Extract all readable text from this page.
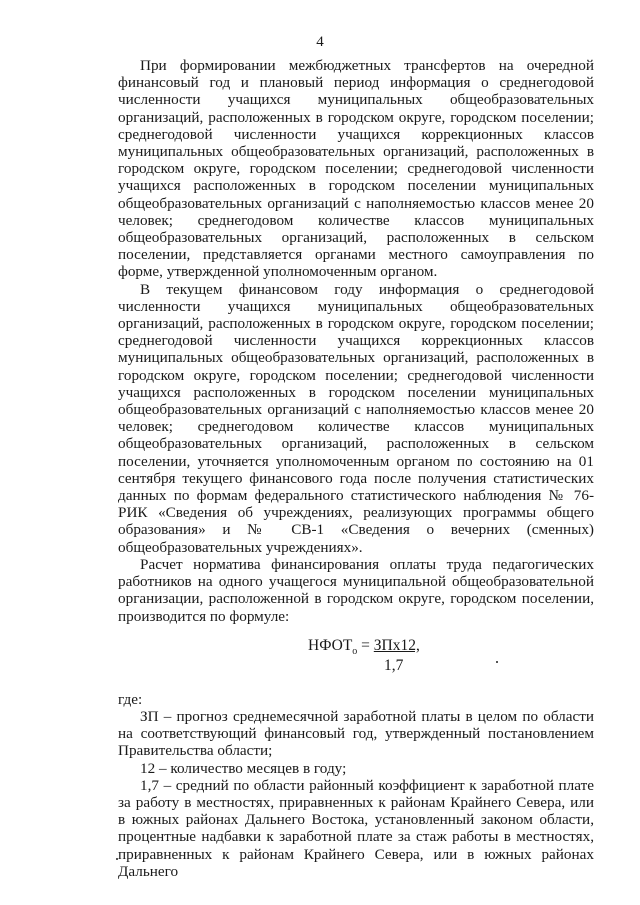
4

При формировании межбюджетных трансфертов на очередной финансовый год и плановый период информация о среднегодовой численности учащихся муниципальных общеобразовательных организаций, расположенных в городском округе, городском поселении; среднегодовой численности учащихся коррекционных классов муниципальных общеобразовательных организаций, расположенных в городском округе, городском поселении; среднегодовой численности учащихся расположенных в городском поселении муниципальных общеобразовательных организаций с наполняемостью классов менее 20 человек; среднегодовом количестве классов муниципальных общеобразовательных организаций, расположенных в сельском поселении, представляется органами местного самоуправления по форме, утвержденной уполномоченным органом.

В текущем финансовом году информация о среднегодовой численности учащихся муниципальных общеобразовательных организаций, расположенных в городском округе, городском поселении; среднегодовой численности учащихся коррекционных классов муниципальных общеобразовательных организаций, расположенных в городском округе, городском поселении; среднегодовой численности учащихся расположенных в городском поселении муниципальных общеобразовательных организаций с наполняемостью классов менее 20 человек; среднегодовом количестве классов муниципальных общеобразовательных организаций, расположенных в сельском поселении, уточняется уполномоченным органом по состоянию на 01 сентября текущего финансового года после получения статистических данных по формам федерального статистического наблюдения № 76-РИК «Сведения об учреждениях, реализующих программы общего образования» и № СВ-1 «Сведения о вечерних (сменных) общеобразовательных учреждениях».

Расчет норматива финансирования оплаты труда педагогических работников на одного учащегося муниципальной общеобразовательной организации, расположенной в городском округе, городском поселении, производится по формуле:

$НФОТ_о = ЗПх12$,
1,7

где:

ЗП – прогноз среднемесячной заработной платы в целом по области на соответствующий финансовый год, утвержденный постановлением Правительства области;

12 – количество месяцев в году;

1,7 – средний по области районный коэффициент к заработной плате за работу в местностях, приравненных к районам Крайнего Севера, или в южных районах Дальнего Востока, установленный законом области, процентные надбавки к заработной плате за стаж работы в местностях, приравненных к районам Крайнего Севера, или в южных районах Дальнего
